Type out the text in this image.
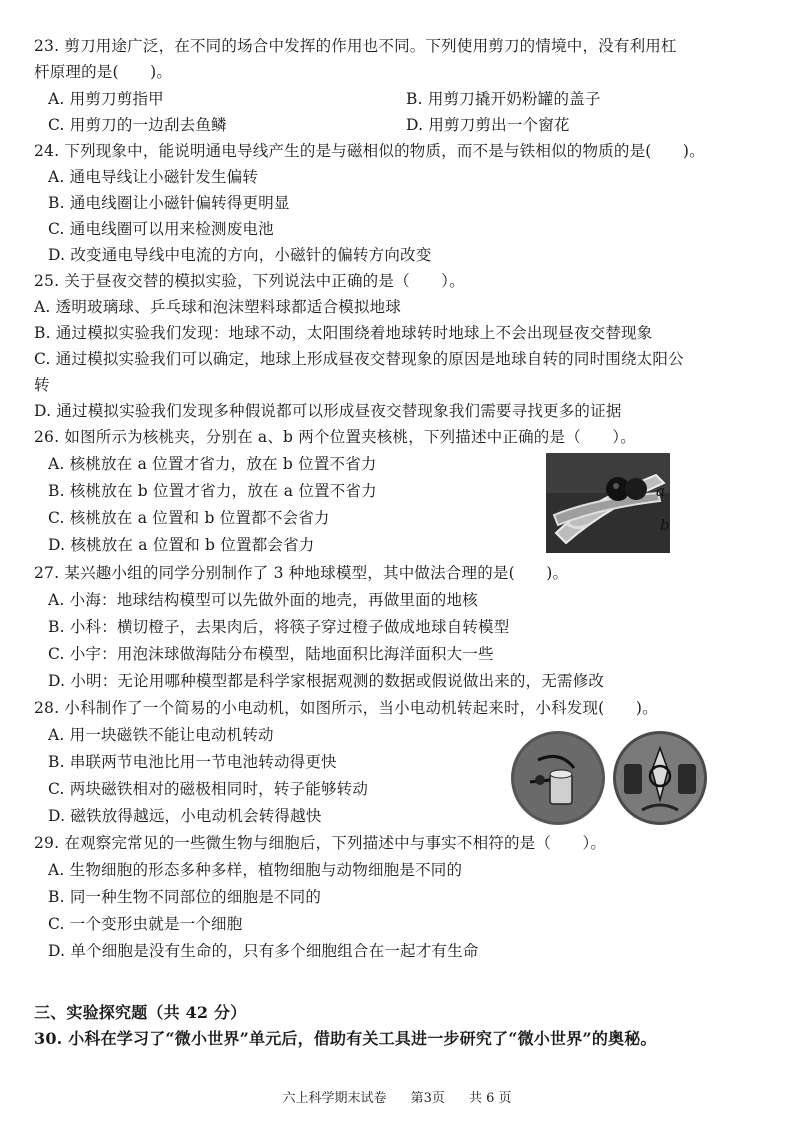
23. 剪刀用途广泛，在不同的场合中发挥的作用也不同。下列使用剪刀的情境中，没有利用杠
杆原理的是(　　)。
A. 用剪刀剪指甲	B. 用剪刀撬开奶粉罐的盖子
C. 用剪刀的一边刮去鱼鳞	D. 用剪刀剪出一个窗花
24. 下列现象中，能说明通电导线产生的是与磁相似的物质，而不是与铁相似的物质的是(　　)。
A. 通电导线让小磁针发生偏转
B. 通电线圈让小磁针偏转得更明显
C. 通电线圈可以用来检测废电池
D. 改变通电导线中电流的方向，小磁针的偏转方向改变
25. 关于昼夜交替的模拟实验，下列说法中正确的是（　　）。
A. 透明玻璃球、乒乓球和泡沫塑料球都适合模拟地球
B. 通过模拟实验我们发现：地球不动，太阳围绕着地球转时地球上不会出现昼夜交替现象
C. 通过模拟实验我们可以确定，地球上形成昼夜交替现象的原因是地球自转的同时围绕太阳公
转
D. 通过模拟实验我们发现多种假说都可以形成昼夜交替现象我们需要寻找更多的证据
26. 如图所示为核桃夹，分别在 a、b 两个位置夹核桃，下列描述中正确的是（　　）。
A. 核桃放在 a 位置才省力，放在 b 位置不省力
B. 核桃放在 b 位置才省力，放在 a 位置不省力
C. 核桃放在 a 位置和 b 位置都不会省力
D. 核桃放在 a 位置和 b 位置都会省力
a
b
27. 某兴趣小组的同学分别制作了 3 种地球模型，其中做法合理的是(　　)。
A. 小海：地球结构模型可以先做外面的地壳，再做里面的地核
B. 小科：横切橙子，去果肉后，将筷子穿过橙子做成地球自转模型
C. 小宇：用泡沫球做海陆分布模型，陆地面积比海洋面积大一些
D. 小明：无论用哪种模型都是科学家根据观测的数据或假说做出来的，无需修改
28. 小科制作了一个简易的小电动机，如图所示，当小电动机转起来时，小科发现(　　)。
A. 用一块磁铁不能让电动机转动
B. 串联两节电池比用一节电池转动得更快
C. 两块磁铁相对的磁极相同时，转子能够转动
D. 磁铁放得越远，小电动机会转得越快
29. 在观察完常见的一些微生物与细胞后，下列描述中与事实不相符的是（　　）。
A. 生物细胞的形态多种多样，植物细胞与动物细胞是不同的
B. 同一种生物不同部位的细胞是不同的
C. 一个变形虫就是一个细胞
D. 单个细胞是没有生命的，只有多个细胞组合在一起才有生命
三、实验探究题（共 42 分）
30. 小科在学习了“微小世界”单元后，借助有关工具进一步研究了“微小世界”的奥秘。
六上科学期末试卷 第3页 共 6 页
